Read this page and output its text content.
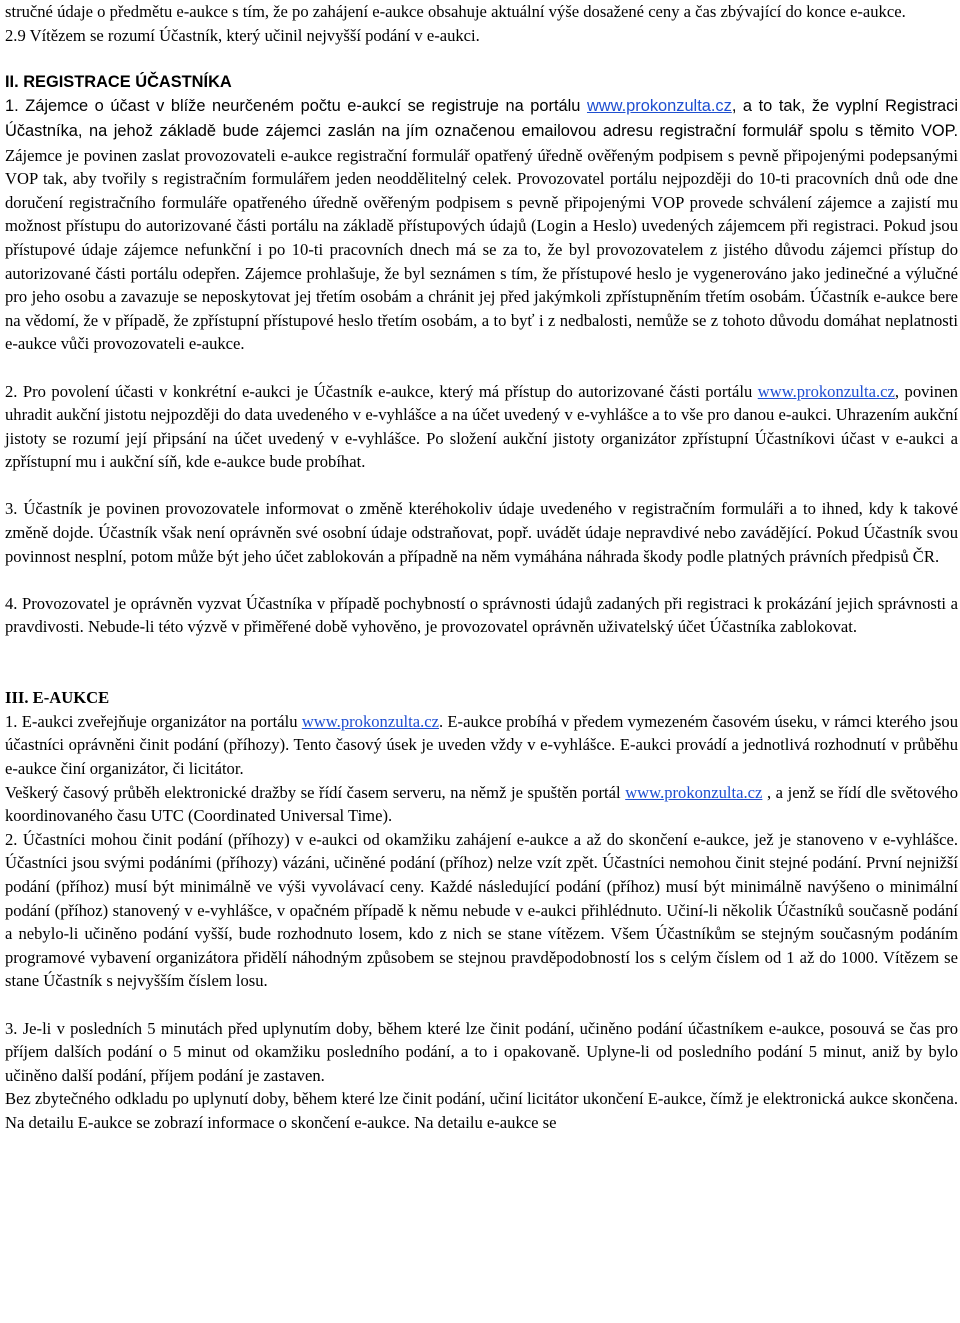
stručné údaje o předmětu e-aukce s tím, že po zahájení e-aukce obsahuje aktuální výše dosažené ceny a čas zbývající do konce e-aukce.

2.9 Vítězem se rozumí Účastník, který učinil nejvyšší podání v e-aukci.

II. REGISTRACE ÚČASTNÍKA

1. Zájemce o účast v blíže neurčeném počtu e-aukcí se registruje na portálu www.prokonzulta.cz, a to tak, že vyplní Registraci Účastníka, na jehož základě bude zájemci zaslán na jím označenou emailovou adresu registrační formulář spolu s těmito VOP. Zájemce je povinen zaslat provozovateli e-aukce registrační formulář opatřený úředně ověřeným podpisem s pevně připojenými podepsanými VOP tak, aby tvořily s registračním formulářem jeden neoddělitelný celek. Provozovatel portálu nejpozději do 10-ti pracovních dnů ode dne doručení registračního formuláře opatřeného úředně ověřeným podpisem s pevně připojenými VOP provede schválení zájemce a zajistí mu možnost přístupu do autorizované části portálu na základě přístupových údajů (Login a Heslo) uvedených zájemcem při registraci. Pokud jsou přístupové údaje zájemce nefunkční i po 10-ti pracovních dnech má se za to, že byl provozovatelem z jistého důvodu zájemci přístup do autorizované části portálu odepřen. Zájemce prohlašuje, že byl seznámen s tím, že přístupové heslo je vygenerováno jako jedinečné a výlučné pro jeho osobu a zavazuje se neposkytovat jej třetím osobám a chránit jej před jakýmkoli zpřístupněním třetím osobám. Účastník e-aukce bere na vědomí, že v případě, že zpřístupní přístupové heslo třetím osobám, a to byť i z nedbalosti, nemůže se z tohoto důvodu domáhat neplatnosti e-aukce vůči provozovateli e-aukce.

2. Pro povolení účasti v konkrétní e-aukci je Účastník e-aukce, který má přístup do autorizované části portálu www.prokonzulta.cz, povinen uhradit aukční jistotu nejpozději do data uvedeného v e-vyhlášce a na účet uvedený v e-vyhlášce a to vše pro danou e-aukci. Uhrazením aukční jistoty se rozumí její připsání na účet uvedený v e-vyhlášce. Po složení aukční jistoty organizátor zpřístupní Účastníkovi účast v e-aukci a zpřístupní mu i aukční síň, kde e-aukce bude probíhat.

3. Účastník je povinen provozovatele informovat o změně kteréhokoliv údaje uvedeného v registračním formuláři a to ihned, kdy k takové změně dojde. Účastník však není oprávněn své osobní údaje odstraňovat, popř. uvádět údaje nepravdivé nebo zavádějící. Pokud Účastník svou povinnost nesplní, potom může být jeho účet zablokován a případně na něm vymáhána náhrada škody podle platných právních předpisů ČR.

4. Provozovatel je oprávněn vyzvat Účastníka v případě pochybností o správnosti údajů zadaných při registraci k prokázání jejich správnosti a pravdivosti. Nebude-li této výzvě v přiměřené době vyhověno, je provozovatel oprávněn uživatelský účet Účastníka zablokovat.

III. E-AUKCE

1. E-aukci zveřejňuje organizátor na portálu www.prokonzulta.cz. E-aukce probíhá v předem vymezeném časovém úseku, v rámci kterého jsou účastníci oprávněni činit podání (příhozy). Tento časový úsek je uveden vždy v e-vyhlášce. E-aukci provádí a jednotlivá rozhodnutí v průběhu e-aukce činí organizátor, či licitátor.

Veškerý časový průběh elektronické dražby se řídí časem serveru, na němž je spuštěn portál www.prokonzulta.cz , a jenž se řídí dle světového koordinovaného času UTC (Coordinated Universal Time).

2. Účastníci mohou činit podání (příhozy) v e-aukci od okamžiku zahájení e-aukce a až do skončení e-aukce, jež je stanoveno v e-vyhlášce. Účastníci jsou svými podáními (příhozy) vázáni, učiněné podání (příhoz) nelze vzít zpět. Účastníci nemohou činit stejné podání. První nejnižší podání (příhoz) musí být minimálně ve výši vyvolávací ceny. Každé následující podání (příhoz) musí být minimálně navýšeno o minimální podání (příhoz) stanovený v e-vyhlášce, v opačném případě k němu nebude v e-aukci přihlédnuto. Učiní-li několik Účastníků současně podání a nebylo-li učiněno podání vyšší, bude rozhodnuto losem, kdo z nich se stane vítězem. Všem Účastníkům se stejným současným podáním programové vybavení organizátora přidělí náhodným způsobem se stejnou pravděpodobností los s celým číslem od 1 až do 1000. Vítězem se stane Účastník s nejvyšším číslem losu.

3. Je-li v posledních 5 minutách před uplynutím doby, během které lze činit podání, učiněno podání účastníkem e-aukce, posouvá se čas pro příjem dalších podání o 5 minut od okamžiku posledního podání, a to i opakovaně. Uplyne-li od posledního podání 5 minut, aniž by bylo učiněno další podání, příjem podání je zastaven.

Bez zbytečného odkladu po uplynutí doby, během které lze činit podání, učiní licitátor ukončení E-aukce, čímž je elektronická aukce skončena. Na detailu E-aukce se zobrazí informace o skončení e-aukce. Na detailu e-aukce se
